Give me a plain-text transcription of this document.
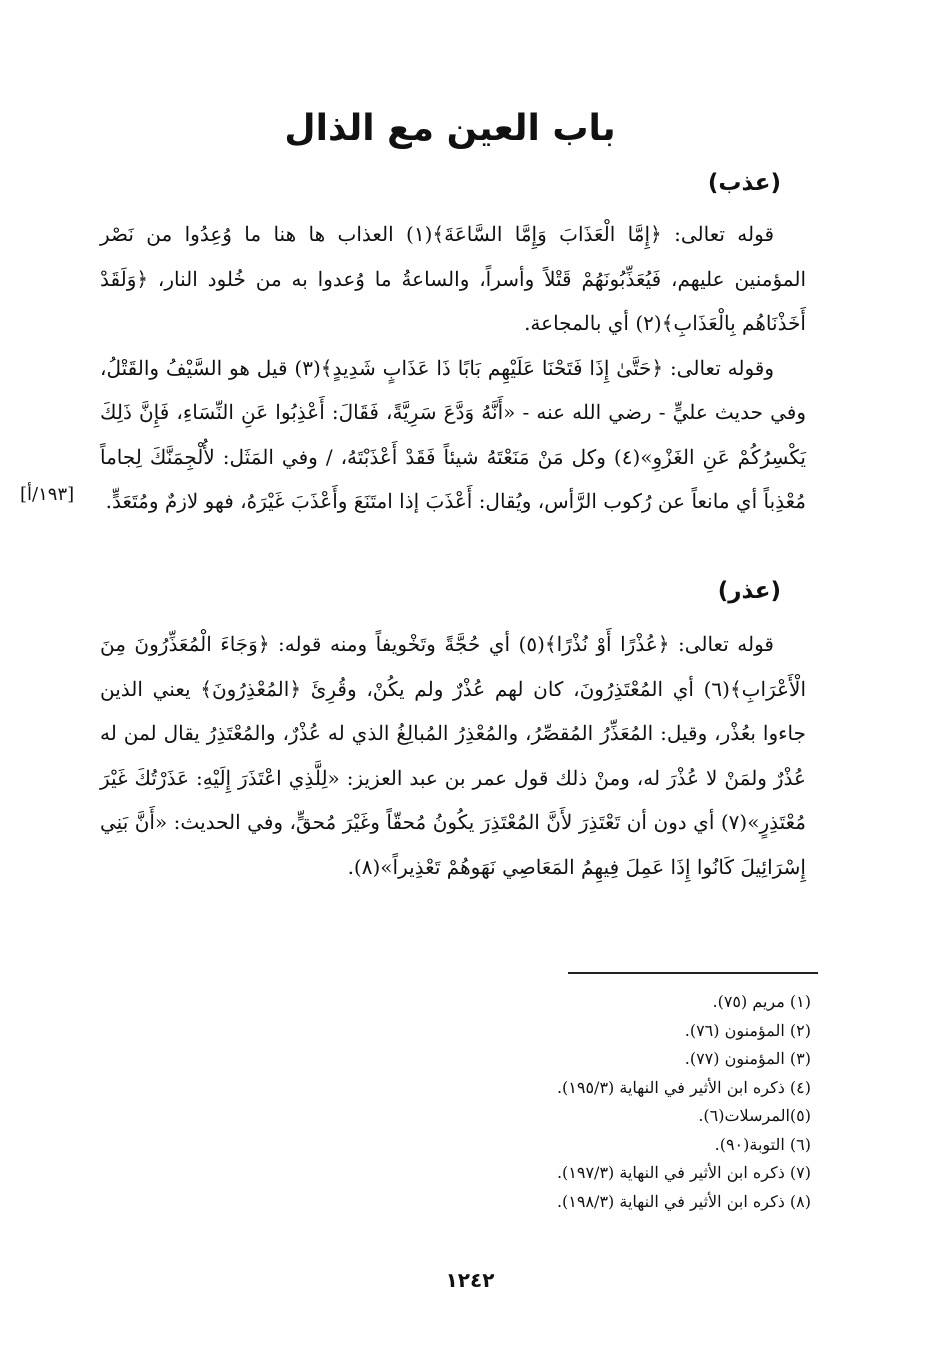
باب العين مع الذال
(عذب)

قوله تعالى: ﴿إِمَّا الْعَذَابَ وَإِمَّا السَّاعَةَ﴾(١) العذاب ها هنا ما وُعِدُوا من نَصْر المؤمنين عليهم، فَيُعَذِّبُونَهُمْ قَتْلاً وأسراً، والساعةُ ما وُعدوا به من خُلود النار، ﴿وَلَقَدْ أَخَذْنَاهُم بِالْعَذَابِ﴾(٢) أي بالمجاعة.

وقوله تعالى: ﴿حَتَّىٰ إِذَا فَتَحْنَا عَلَيْهِم بَابًا ذَا عَذَابٍ شَدِيدٍ﴾(٣) قيل هو السَّيْفُ والقَتْلُ، وفي حديث عليٍّ - رضي الله عنه - «أَنَّهُ وَدَّعَ سَرِيَّةً، فَقَالَ: أَعْذِبُوا عَنِ النِّسَاءِ، فَإِنَّ ذَلِكَ يَكْسِرُكُمْ عَنِ الغَزْوِ»(٤) وكل مَنْ مَنَعْتَهُ شيئاً فَقَدْ أَعْذَبْتَهُ، / وفي المَثَل: لأُلْجِمَنَّكَ لِجاماً مُعْذِباً أي مانعاً عن رُكوب الرَّأس، ويُقال: أَعْذَبَ إذا امتَنَعَ وأَعْذَبَ غَيْرَهُ، فهو لازمٌ ومُتَعَدٍّ.

[١٩٣/أ]
(عذر)

قوله تعالى: ﴿عُذْرًا أَوْ نُذْرًا﴾(٥) أي حُجَّةً وتَخْويفاً ومنه قوله: ﴿وَجَاءَ الْمُعَذِّرُونَ مِنَ الْأَعْرَابِ﴾(٦) أي المُعْتَذِرُونَ، كان لهم عُذْرٌ ولم يكُنْ، وقُرِئَ ﴿المُعْذِرُونَ﴾ يعني الذين جاءوا بعُذْر، وقيل: المُعَذِّرُ المُقصِّرُ، والمُعْذِرُ المُبالِغُ الذي له عُذْرٌ، والمُعْتَذِرُ يقال لمن له عُذْرٌ ولمَنْ لا عُذْرَ له، ومنْ ذلك قول عمر بن عبد العزيز: «لِلَّذِي اعْتَذَرَ إِلَيْهِ: عَذَرْتُكَ غَيْرَ مُعْتَذِرٍ»(٧) أي دون أن تَعْتَذِرَ لأَنَّ المُعْتَذِرَ يكُونُ مُحقّاً وغَيْرَ مُحقٍّ، وفي الحديث: «أَنَّ بَنِي إِسْرَائِيلَ كَانُوا إِذَا عَمِلَ فِيهِمُ المَعَاصِي نَهَوهُمْ تَعْذِيراً»(٨).

(١) مريم (٧٥).
(٢) المؤمنون (٧٦).
(٣) المؤمنون (٧٧).
(٤) ذكره ابن الأثير في النهاية (١٩٥/٣).
(٥)المرسلات(٦).
(٦) التوبة(٩٠).
(٧) ذكره ابن الأثير في النهاية (١٩٧/٣).
(٨) ذكره ابن الأثير في النهاية (١٩٨/٣).
١٢٤٢
